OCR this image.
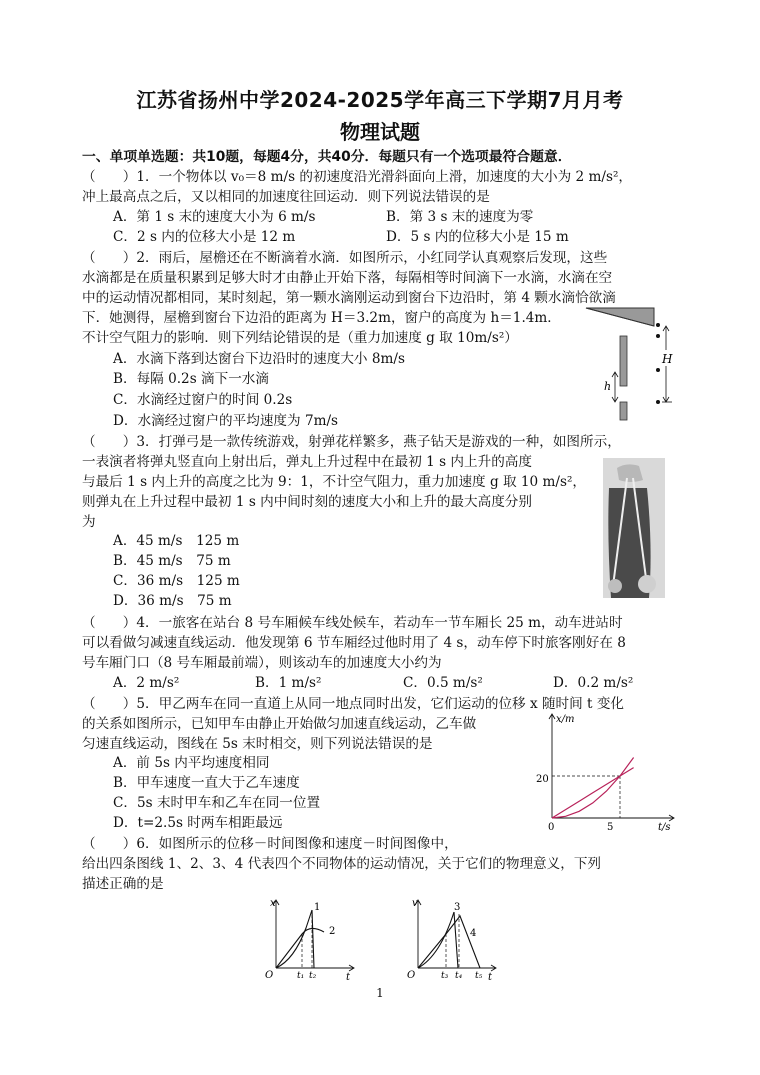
江苏省扬州中学2024-2025学年高三下学期7月月考
物理试题
一、单项单选题：共10题，每题4分，共40分．每题只有一个选项最符合题意．
（　　）1．一个物体以 v₀＝8 m/s 的初速度沿光滑斜面向上滑，加速度的大小为 2 m/s²，
冲上最高点之后，又以相同的加速度往回运动．则下列说法错误的是
A．第 1 s 末的速度大小为 6 m/s	B．第 3 s 末的速度为零
C．2 s 内的位移大小是 12 m	D．5 s 内的位移大小是 15 m
（　　）2．雨后，屋檐还在不断滴着水滴．如图所示，小红同学认真观察后发现，这些
水滴都是在质量积累到足够大时才由静止开始下落，每隔相等时间滴下一水滴，水滴在空
中的运动情况都相同，某时刻起，第一颗水滴刚运动到窗台下边沿时，第 4 颗水滴恰欲滴
下．她测得，屋檐到窗台下边沿的距离为 H＝3.2m，窗户的高度为 h＝1.4m．
不计空气阻力的影响．则下列结论错误的是（重力加速度 g 取 10m/s²）
A．水滴下落到达窗台下边沿时的速度大小 8m/s
B．每隔 0.2s 滴下一水滴
C．水滴经过窗户的时间 0.2s
D．水滴经过窗户的平均速度为 7m/s
H
h
（　　）3．打弹弓是一款传统游戏，射弹花样繁多，燕子钻天是游戏的一种，如图所示，
一表演者将弹丸竖直向上射出后，弹丸上升过程中在最初 1 s 内上升的高度
与最后 1 s 内上升的高度之比为 9：1，不计空气阻力，重力加速度 g 取 10 m/s²，
则弹丸在上升过程中最初 1 s 内中间时刻的速度大小和上升的最大高度分别
为
A．45 m/s　125 m
B．45 m/s　75 m
C．36 m/s　125 m
D．36 m/s　75 m
（　　）4．一旅客在站台 8 号车厢候车线处候车，若动车一节车厢长 25 m，动车进站时
可以看做匀减速直线运动．他发现第 6 节车厢经过他时用了 4 s，动车停下时旅客刚好在 8
号车厢门口（8 号车厢最前端），则该动车的加速度大小约为
A．2 m/s²	B．1 m/s²	C．0.5 m/s²	D．0.2 m/s²
（　　）5．甲乙两车在同一直道上从同一地点同时出发，它们运动的位移 x 随时间 t 变化
的关系如图所示，已知甲车由静止开始做匀加速直线运动，乙车做
匀速直线运动，图线在 5s 末时相交，则下列说法错误的是
A．前 5s 内平均速度相同
B．甲车速度一直大于乙车速度
C．5s 末时甲车和乙车在同一位置
D．t=2.5s 时两车相距最远
x/m
t/s
20
5
0
（　　）6．如图所示的位移－时间图像和速度－时间图像中，
给出四条图线 1、2、3、4 代表四个不同物体的运动情况，关于它们的物理意义，下列
描述正确的是
x
t
O
1
2
t₁ t₂
v
t
O
3
4
t₃ t₄ t₅
1
